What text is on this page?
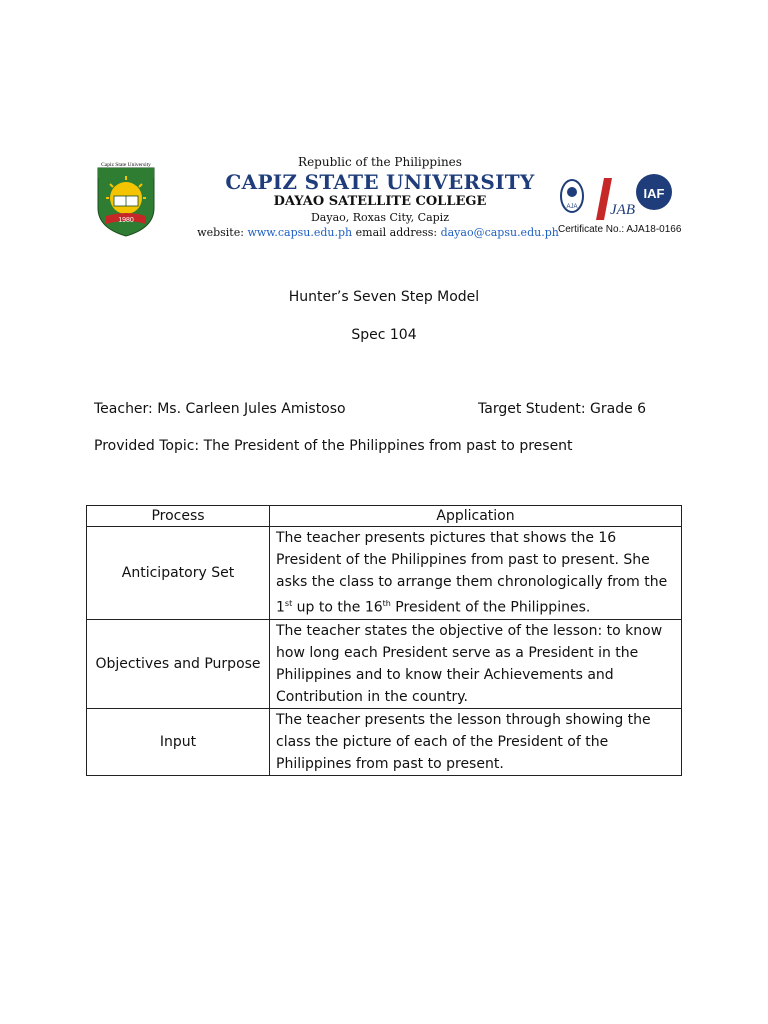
1980
Capiz State University	Republic of the Philippines
CAPIZ STATE UNIVERSITY
DAYAO SATELLITE COLLEGE
Dayao, Roxas City, Capiz
website: www.capsu.edu.ph email address: dayao@capsu.edu.ph
AJA JAB
IAF
Certificate No.: AJA18-0166
Hunter’s Seven Step Model
Spec 104
Teacher: Ms. Carleen Jules Amistoso	Target Student: Grade 6
Provided Topic: The President of the Philippines from past to present
Process	Application
Anticipatory Set	The teacher presents pictures that shows the 16 President of the Philippines from past to present. She asks the class to arrange them chronologically from the 1st up to the 16th President of the Philippines.
Objectives and Purpose	The teacher states the objective of the lesson: to know how long each President serve as a President in the Philippines and to know their Achievements and Contribution in the country.
Input	The teacher presents the lesson through showing the class the picture of each of the President of the Philippines from past to present.
